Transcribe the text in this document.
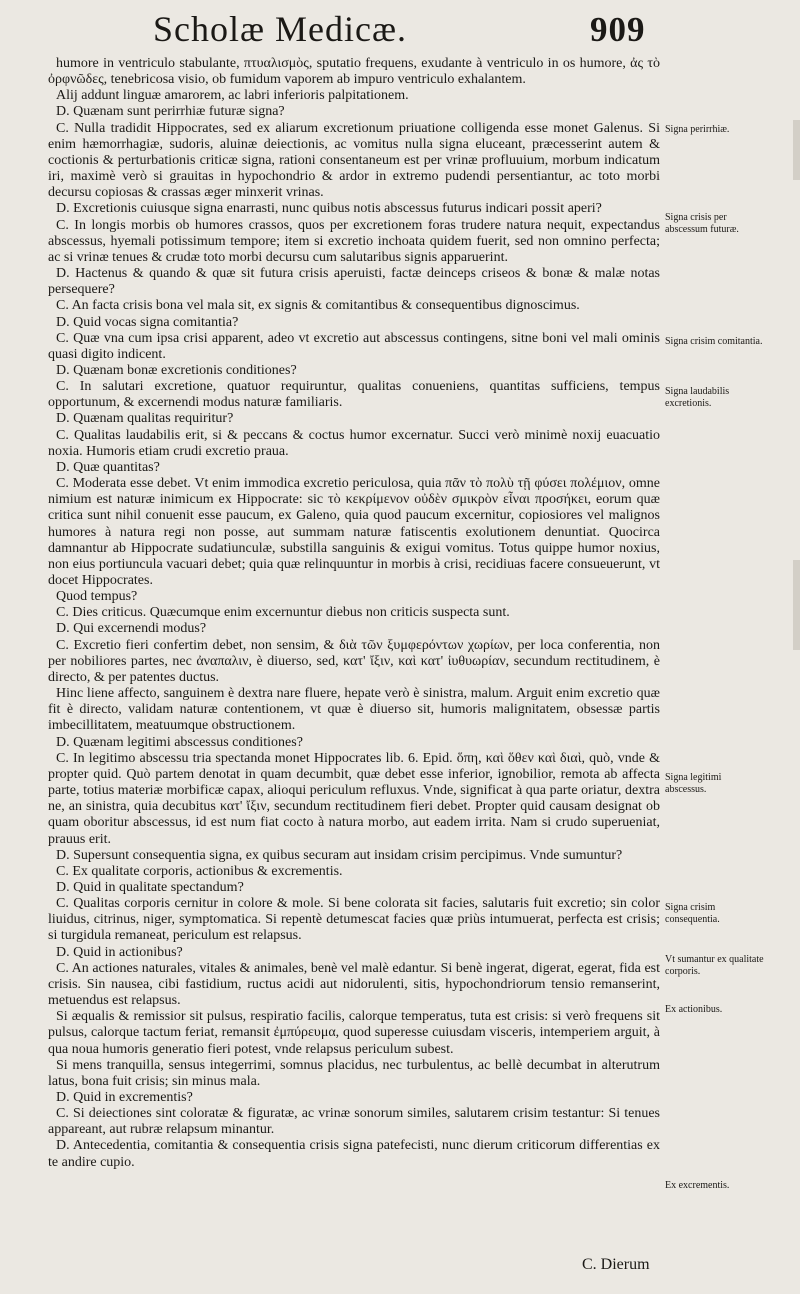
Scholæ Medicæ.	909

humore in ventriculo stabulante, πτυαλισμὸς, sputatio frequens, exudante à ventriculo in os humore, ἀς τὸ ὀρφνῶδες, tenebricosa visio, ob fumidum vaporem ab impuro ventriculo exhalantem.

Alij addunt linguæ amarorem, ac labri inferioris palpitationem.

D. Quænam sunt perirrhiæ futuræ signa?

C. Nulla tradidit Hippocrates, sed ex aliarum excretionum priuatione colligenda esse monet Galenus. Si enim hæmorrhagiæ, sudoris, aluinæ deiectionis, ac vomitus nulla signa eluceant, præcesserint autem & coctionis & perturbationis criticæ signa, rationi consentaneum est per vrinæ profluuium, morbum indicatum iri, maximè verò si grauitas in hypochondrio & ardor in extremo pudendi persentiantur, ac toto morbi decursu copiosas & crassas æger minxerit vrinas.

D. Excretionis cuiusque signa enarrasti, nunc quibus notis abscessus futurus indicari possit aperi?

C. In longis morbis ob humores crassos, quos per excretionem foras trudere natura nequit, expectandus abscessus, hyemali potissimum tempore; item si excretio inchoata quidem fuerit, sed non omnino perfecta; ac si vrinæ tenues & crudæ toto morbi decursu cum salutaribus signis apparuerint.

D. Hactenus & quando & quæ sit futura crisis aperuisti, factæ deinceps criseos & bonæ & malæ notas persequere?

C. An facta crisis bona vel mala sit, ex signis & comitantibus & consequentibus dignoscimus.

D. Quid vocas signa comitantia?

C. Quæ vna cum ipsa crisi apparent, adeo vt excretio aut abscessus contingens, sitne boni vel mali ominis quasi digito indicent.

D. Quænam bonæ excretionis conditiones?

C. In salutari excretione, quatuor requiruntur, qualitas conueniens, quantitas sufficiens, tempus opportunum, & excernendi modus naturæ familiaris.

D. Quænam qualitas requiritur?

C. Qualitas laudabilis erit, si & peccans & coctus humor excernatur. Succi verò minimè noxij euacuatio noxia. Humoris etiam crudi excretio praua.

D. Quæ quantitas?

C. Moderata esse debet. Vt enim immodica excretio periculosa, quia πᾶν τὸ πολὺ τῇ φύσει πολέμιον, omne nimium est naturæ inimicum ex Hippocrate: sic τὸ κεκρίμενον οὐδὲν σμικρὸν εἶναι προσήκει, eorum quæ critica sunt nihil conuenit esse paucum, ex Galeno, quia quod paucum excernitur, copiosiores vel malignos humores à natura regi non posse, aut summam naturæ fatiscentis exolutionem denuntiat. Quocirca damnantur ab Hippocrate sudatiunculæ, substilla sanguinis & exigui vomitus. Totus quippe humor noxius, non eius portiuncula vacuari debet; quia quæ relinquuntur in morbis à crisi, recidiuas facere consueuerunt, vt docet Hippocrates.

Quod tempus?

C. Dies criticus. Quæcumque enim excernuntur diebus non criticis suspecta sunt.

D. Qui excernendi modus?

C. Excretio fieri confertim debet, non sensim, & διὰ τῶν ξυμφερόντων χωρίων, per loca conferentia, non per nobiliores partes, nec ἀναπαλιν, è diuerso, sed, κατ' ἴξιν, καὶ κατ' ἰυθυωρίαν, secundum rectitudinem, è directo, & per patentes ductus.

Hinc liene affecto, sanguinem è dextra nare fluere, hepate verò è sinistra, malum. Arguit enim excretio quæ fit è directo, validam naturæ contentionem, vt quæ è diuerso sit, humoris malignitatem, obsessæ partis imbecillitatem, meatuumque obstructionem.

D. Quænam legitimi abscessus conditiones?

C. In legitimo abscessu tria spectanda monet Hippocrates lib. 6. Epid. ὅπη, καὶ ὅθεν καὶ διαὶ, quò, vnde & propter quid. Quò partem denotat in quam decumbit, quæ debet esse inferior, ignobilior, remota ab affecta parte, totius materiæ morbificæ capax, alioqui periculum refluxus. Vnde, significat à qua parte oriatur, dextra ne, an sinistra, quia decubitus κατ' ἴξιν, secundum rectitudinem fieri debet. Propter quid causam designat ob quam oboritur abscessus, id est num fiat cocto à natura morbo, aut eadem irrita. Nam si crudo superueniat, prauus erit.

D. Supersunt consequentia signa, ex quibus securam aut insidam crisim percipimus. Vnde sumuntur?

C. Ex qualitate corporis, actionibus & excrementis.

D. Quid in qualitate spectandum?

C. Qualitas corporis cernitur in colore & mole. Si bene colorata sit facies, salutaris fuit excretio; sin color liuidus, citrinus, niger, symptomatica. Si repentè detumescat facies quæ priùs intumuerat, perfecta est crisis; si turgidula remaneat, periculum est relapsus.

D. Quid in actionibus?

C. An actiones naturales, vitales & animales, benè vel malè edantur. Si benè ingerat, digerat, egerat, fida est crisis. Sin nausea, cibi fastidium, ructus acidi aut nidorulenti, sitis, hypochondriorum tensio remanserint, metuendus est relapsus.

Si æqualis & remissior sit pulsus, respiratio facilis, calorque temperatus, tuta est crisis: si verò frequens sit pulsus, calorque tactum feriat, remansit ἐμπύρευμα, quod superesse cuiusdam visceris, intemperiem arguit, à qua noua humoris generatio fieri potest, vnde relapsus periculum subest.

Si mens tranquilla, sensus integerrimi, somnus placidus, nec turbulentus, ac bellè decumbat in alterutrum latus, bona fuit crisis; sin minus mala.

D. Quid in excrementis?

C. Si deiectiones sint coloratæ & figuratæ, ac vrinæ sonorum similes, salutarem crisim testantur: Si tenues appareant, aut rubræ relapsum minantur.

D. Antecedentia, comitantia & consequentia crisis signa patefecisti, nunc dierum criticorum differentias ex te andire cupio.

Signa perirrhiæ.
Signa crisis per abscessum futuræ.
Signa crisim comitantia.
Signa laudabilis excretionis.
Signa legitimi abscessus.
Signa crisim consequentia.
Vt sumantur ex qualitate corporis.
Ex actionibus.
Ex excrementis.
C. Dierum
